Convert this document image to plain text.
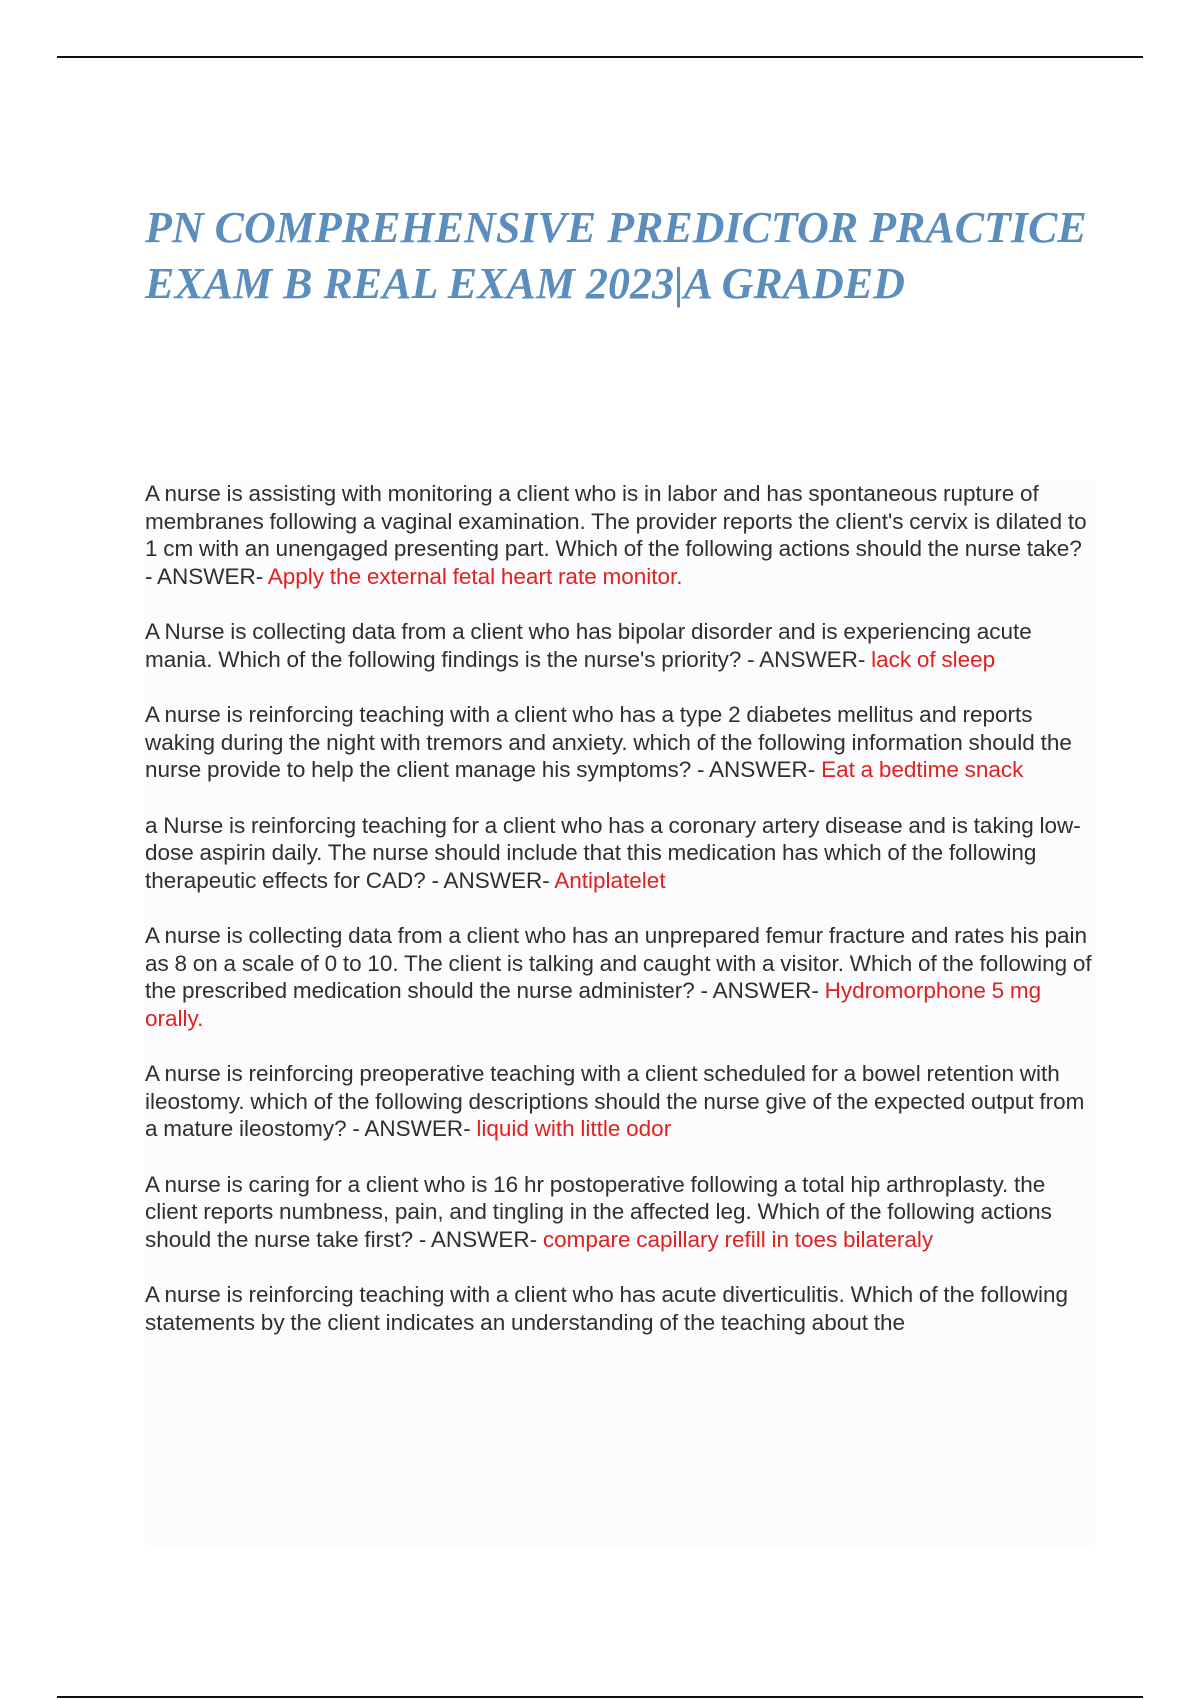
PN COMPREHENSIVE PREDICTOR PRACTICE EXAM B REAL EXAM 2023|A GRADED

A nurse is assisting with monitoring a client who is in labor and has spontaneous rupture of membranes following a vaginal examination. The provider reports the client's cervix is dilated to 1 cm with an unengaged presenting part. Which of the following actions should the nurse take? - ANSWER- Apply the external fetal heart rate monitor.

A Nurse is collecting data from a client who has bipolar disorder and is experiencing acute mania. Which of the following findings is the nurse's priority? - ANSWER- lack of sleep

A nurse is reinforcing teaching with a client who has a type 2 diabetes mellitus and reports waking during the night with tremors and anxiety. which of the following information should the nurse provide to help the client manage his symptoms? - ANSWER- Eat a bedtime snack

a Nurse is reinforcing teaching for a client who has a coronary artery disease and is taking low-dose aspirin daily. The nurse should include that this medication has which of the following therapeutic effects for CAD? - ANSWER- Antiplatelet

A nurse is collecting data from a client who has an unprepared femur fracture and rates his pain as 8 on a scale of 0 to 10. The client is talking and caught with a visitor. Which of the following of the prescribed medication should the nurse administer? - ANSWER- Hydromorphone 5 mg orally.

A nurse is reinforcing preoperative teaching with a client scheduled for a bowel retention with ileostomy. which of the following descriptions should the nurse give of the expected output from a mature ileostomy? - ANSWER- liquid with little odor

A nurse is caring for a client who is 16 hr postoperative following a total hip arthroplasty. the client reports numbness, pain, and tingling in the affected leg. Which of the following actions should the nurse take first? - ANSWER- compare capillary refill in toes bilateraly

A nurse is reinforcing teaching with a client who has acute diverticulitis. Which of the following statements by the client indicates an understanding of the teaching about the
